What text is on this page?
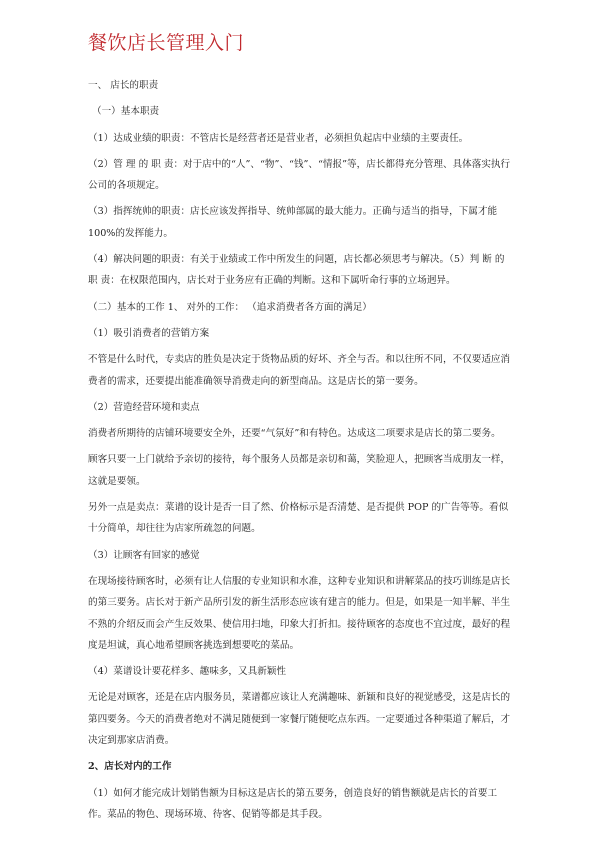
餐饮店长管理入门

一、 店长的职责

（一）基本职责

（1）达成业绩的职责：不管店长是经营者还是营业者，必须担负起店中业绩的主要责任。

（2）管 理 的 职 责：对于店中的“人”、“物”、“钱”、“情报”等，店长都得充分管理、具体落实执行公司的各项规定。

（3）指挥统帅的职责：店长应该发挥指导、统帅部属的最大能力。正确与适当的指导，下属才能 100%的发挥能力。

（4）解决问题的职责：有关于业绩或工作中所发生的问题，店长都必须思考与解决。（5）判 断 的 职 责：在权限范围内，店长对于业务应有正确的判断。这和下属听命行事的立场迥异。

（二）基本的工作 1、 对外的工作： （追求消费者各方面的满足）

（1）吸引消费者的营销方案

不管是什么时代，专卖店的胜负是决定于货物品质的好坏、齐全与否。和以往所不同，不仅要适应消费者的需求，还要提出能准确领导消费走向的新型商品。这是店长的第一要务。

（2）营造经营环境和卖点

消费者所期待的店铺环境要安全外，还要“气氛好”和有特色。达成这二项要求是店长的第二要务。

顾客只要一上门就给予亲切的接待，每个服务人员都是亲切和蔼，笑脸迎人，把顾客当成朋友一样，这就是要领。

另外一点是卖点：菜谱的设计是否一目了然、价格标示是否清楚、是否提供 POP 的广告等等。看似十分简单，却往往为店家所疏忽的问题。

（3）让顾客有回家的感觉

在现场接待顾客时，必须有让人信服的专业知识和水准，这种专业知识和讲解菜品的技巧训练是店长的第三要务。店长对于新产品所引发的新生活形态应该有建言的能力。但是，如果是一知半解、半生不熟的介绍反而会产生反效果、使信用扫地，印象大打折扣。接待顾客的态度也不宜过度，最好的程度是坦诚，真心地希望顾客挑选到想要吃的菜品。

（4）菜谱设计要花样多、趣味多，又具新颖性

无论是对顾客，还是在店内服务员，菜谱都应该让人充满趣味、新颖和良好的视觉感受，这是店长的第四要务。今天的消费者绝对不满足随便到一家餐厅随便吃点东西。一定要通过各种渠道了解后，才决定到那家店消费。

2、店长对内的工作

（1）如何才能完成计划销售额为目标这是店长的第五要务，创造良好的销售额就是店长的首要工作。菜品的物色、现场环境、待客、促销等都是其手段。
